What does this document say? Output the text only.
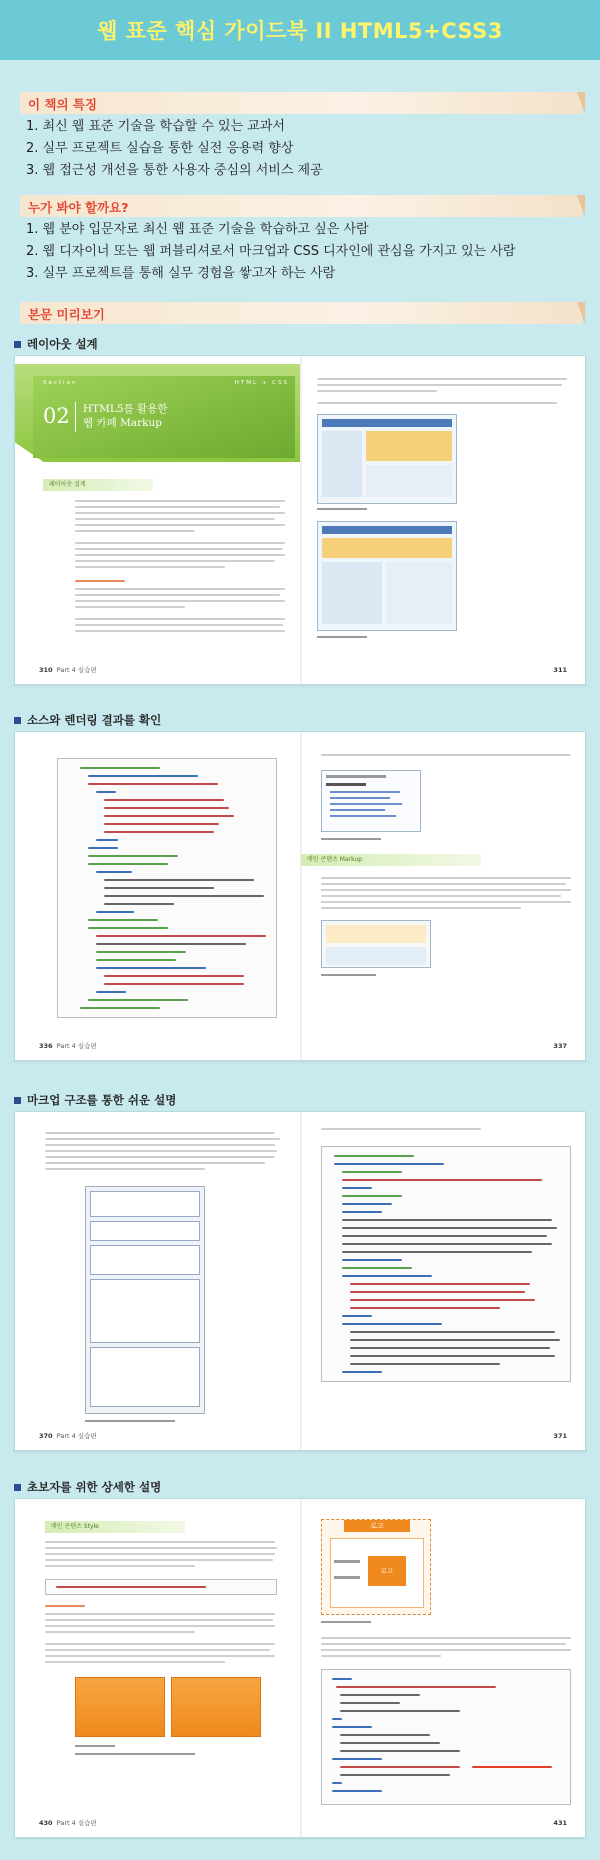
웹 표준 핵심 가이드북 II HTML5+CSS3
이 책의 특징
1. 최신 웹 표준 기술을 학습할 수 있는 교과서
2. 실무 프로젝트 실습을 통한 실전 응용력 향상
3. 웹 접근성 개선을 통한 사용자 중심의 서비스 제공
누가 봐야 할까요?
1. 웹 분야 입문자로 최신 웹 표준 기술을 학습하고 싶은 사람
2. 웹 디자이너 또는 웹 퍼블리셔로서 마크업과 CSS 디자인에 관심을 가지고 있는 사람
3. 실무 프로젝트를 통해 실무 경험을 쌓고자 하는 사람
본문 미리보기
레이아웃 설계
Section	HTML + CSS
02 HTML5를 활용한
웹 카페 Markup
레이아웃 설계
310 Part 4 실습편	311
소스와 렌더링 결과를 확인
336 Part 4 실습편
메인 콘텐츠 Markup
337
마크업 구조를 통한 쉬운 설명
370 Part 4 실습편	371
초보자를 위한 상세한 설명
메인 콘텐츠 Style
430 Part 4 실습편
로고
로고
431
